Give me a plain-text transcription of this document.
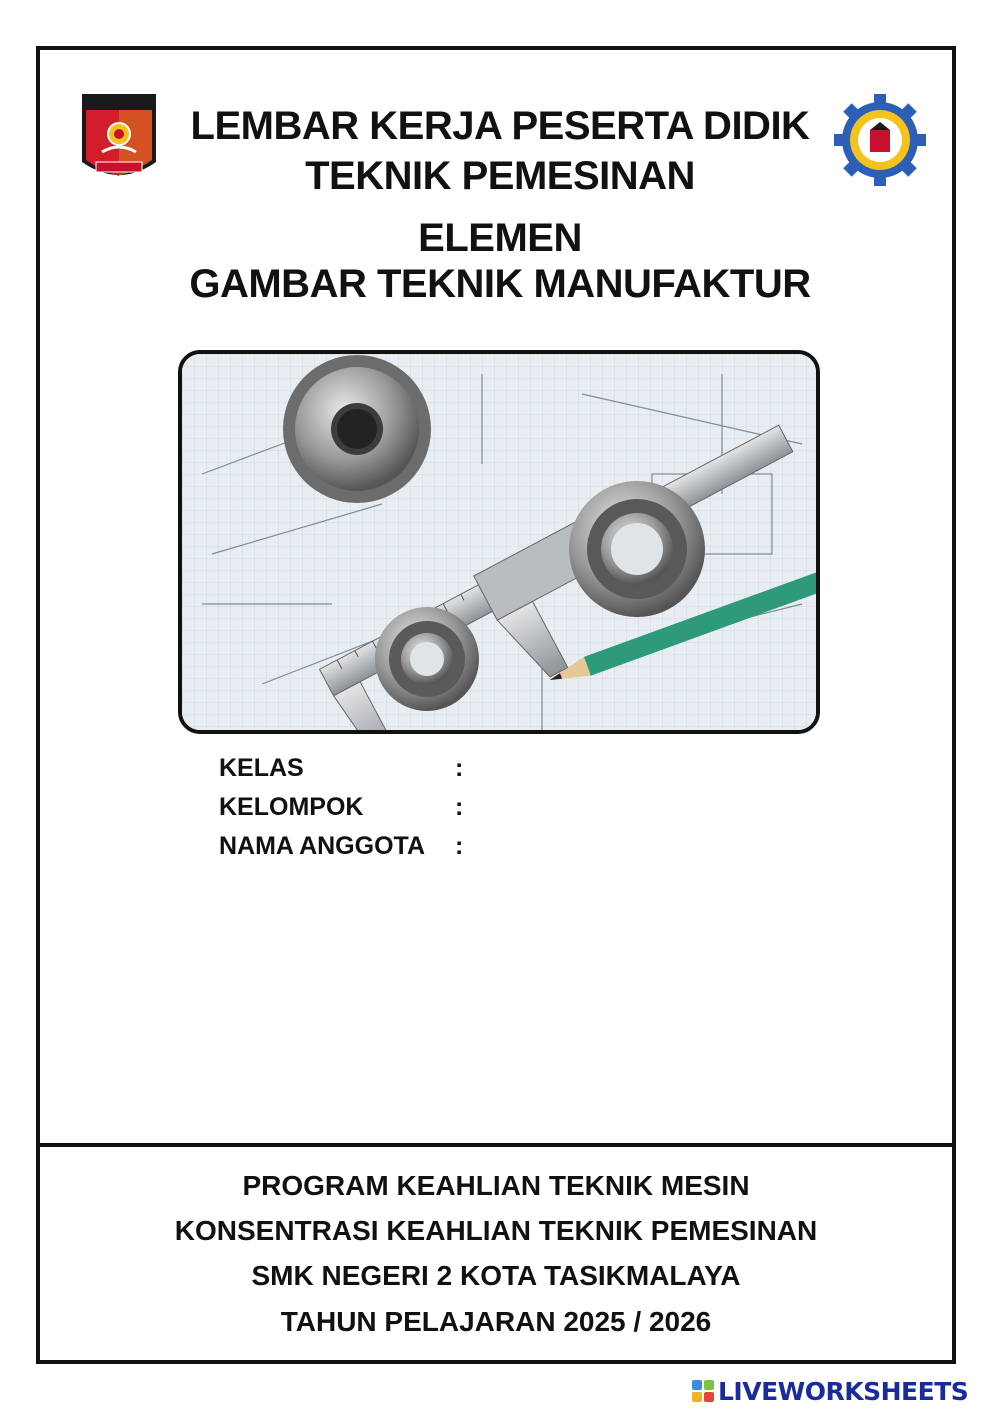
LEMBAR KERJA PESERTA DIDIK
TEKNIK PEMESINAN
ELEMEN
GAMBAR TEKNIK MANUFAKTUR
KELAS	:
KELOMPOK	:
NAMA ANGGOTA :
PROGRAM KEAHLIAN TEKNIK MESIN
KONSENTRASI KEAHLIAN TEKNIK PEMESINAN
SMK NEGERI 2 KOTA TASIKMALAYA
TAHUN PELAJARAN 2025 / 2026
LIVEWORKSHEETS
